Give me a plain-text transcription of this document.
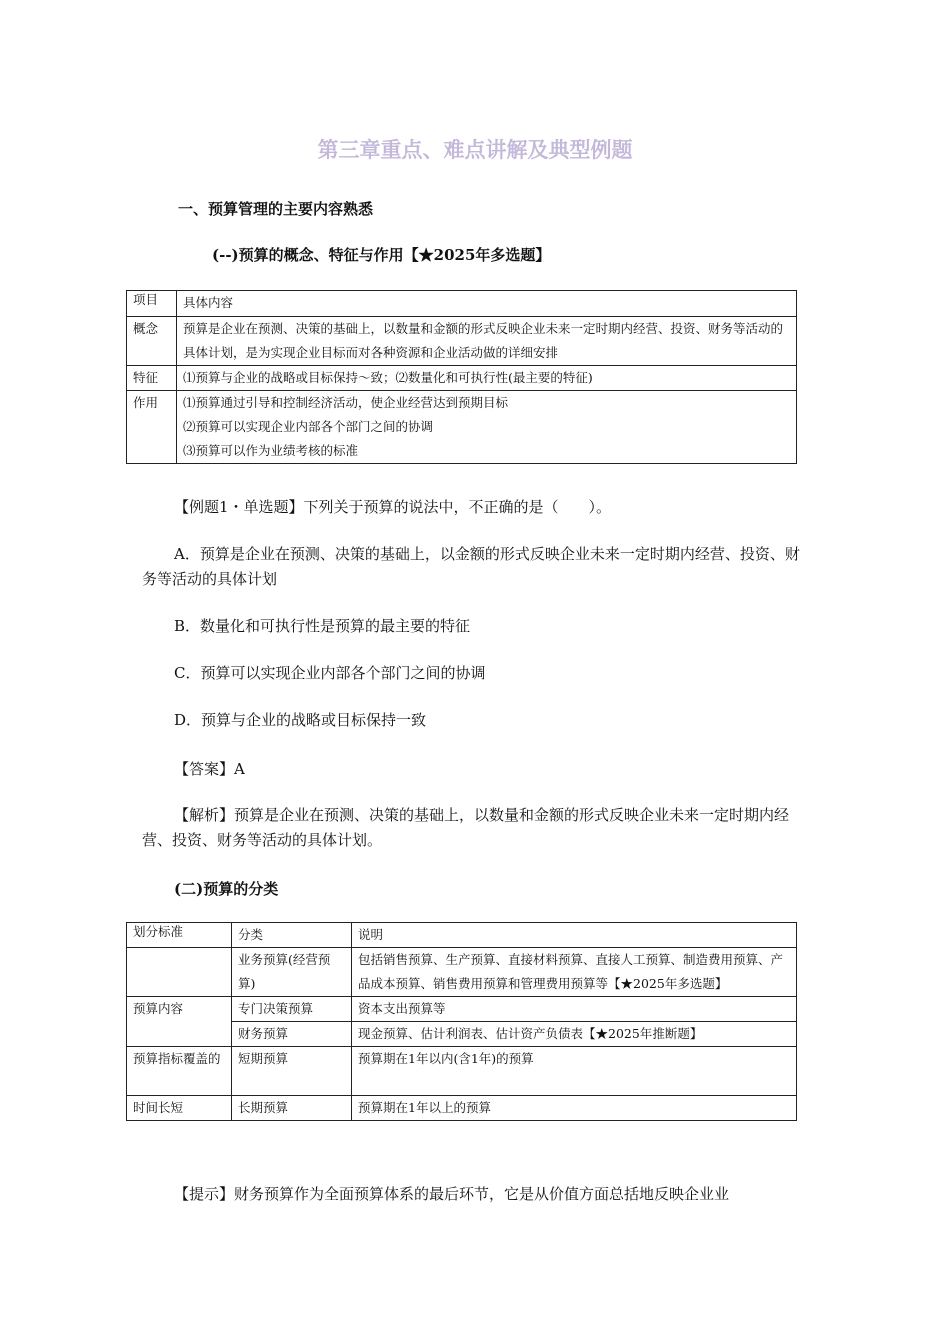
第三章重点、难点讲解及典型例题
一、预算管理的主要内容熟悉
(--)预算的概念、特征与作用【★2025年多选题】
项目	具体内容
概念	预算是企业在预测、决策的基础上，以数量和金额的形式反映企业未来一定时期内经营、投资、财务等活动的具体计划，是为实现企业目标而对各种资源和企业活动做的详细安排
特征	⑴预算与企业的战略或目标保持〜致；⑵数量化和可执行性(最主要的特征)
作用	⑴预算通过引导和控制经济活动，使企业经营达到预期目标
⑵预算可以实现企业内部各个部门之间的协调
⑶预算可以作为业绩考核的标准

【例题1・单选题】下列关于预算的说法中，不正确的是（　　）。

A．预算是企业在预测、决策的基础上，以金额的形式反映企业未来一定时期内经营、投资、财务等活动的具体计划

B．数量化和可执行性是预算的最主要的特征

C．预算可以实现企业内部各个部门之间的协调

D．预算与企业的战略或目标保持一致

【答案】A

【解析】预算是企业在预测、决策的基础上，以数量和金额的形式反映企业未来一定时期内经营、投资、财务等活动的具体计划。

(二)预算的分类
划分标准	分类	说明
	业务预算(经营预算)	包括销售预算、生产预算、直接材料预算、直接人工预算、制造费用预算、产品成本预算、销售费用预算和管理费用预算等【★2025年多选题】
预算内容	专门决策预算	资本支出预算等
	财务预算	现金预算、估计利润表、估计资产负债表【★2025年推断题】
预算指标覆盖的	短期预算	预算期在1年以内(含1年)的预算
时间长短	长期预算	预算期在1年以上的预算

【提示】财务预算作为全面预算体系的最后环节，它是从价值方面总括地反映企业业
